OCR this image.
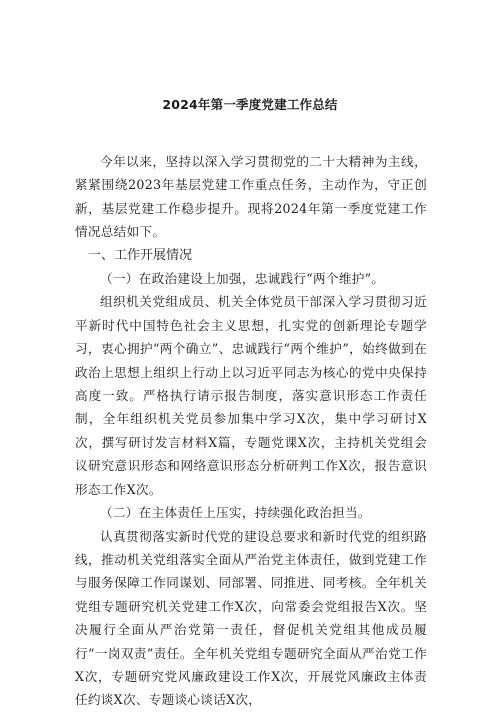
2024年第一季度党建工作总结

今年以来，坚持以深入学习贯彻党的二十大精神为主线，紧紧围绕2023年基层党建工作重点任务，主动作为，守正创新，基层党建工作稳步提升。现将2024年第一季度党建工作情况总结如下。

一、工作开展情况

（一）在政治建设上加强，忠诚践行“两个维护”。

组织机关党组成员、机关全体党员干部深入学习贯彻习近平新时代中国特色社会主义思想，扎实党的创新理论专题学习，衷心拥护“两个确立”、忠诚践行“两个维护”，始终做到在政治上思想上组织上行动上以习近平同志为核心的党中央保持高度一致。严格执行请示报告制度，落实意识形态工作责任制，全年组织机关党员参加集中学习X次，集中学习研讨X次，撰写研讨发言材料X篇，专题党课X次，主持机关党组会议研究意识形态和网络意识形态分析研判工作X次，报告意识形态工作X次。

（二）在主体责任上压实，持续强化政治担当。

认真贯彻落实新时代党的建设总要求和新时代党的组织路线，推动机关党组落实全面从严治党主体责任，做到党建工作与服务保障工作同谋划、同部署、同推进、同考核。全年机关党组专题研究机关党建工作X次，向常委会党组报告X次。坚决履行全面从严治党第一责任，督促机关党组其他成员履行“一岗双责”责任。全年机关党组专题研究全面从严治党工作X次，专题研究党风廉政建设工作X次，开展党风廉政主体责任约谈X次、专题谈心谈话X次，
